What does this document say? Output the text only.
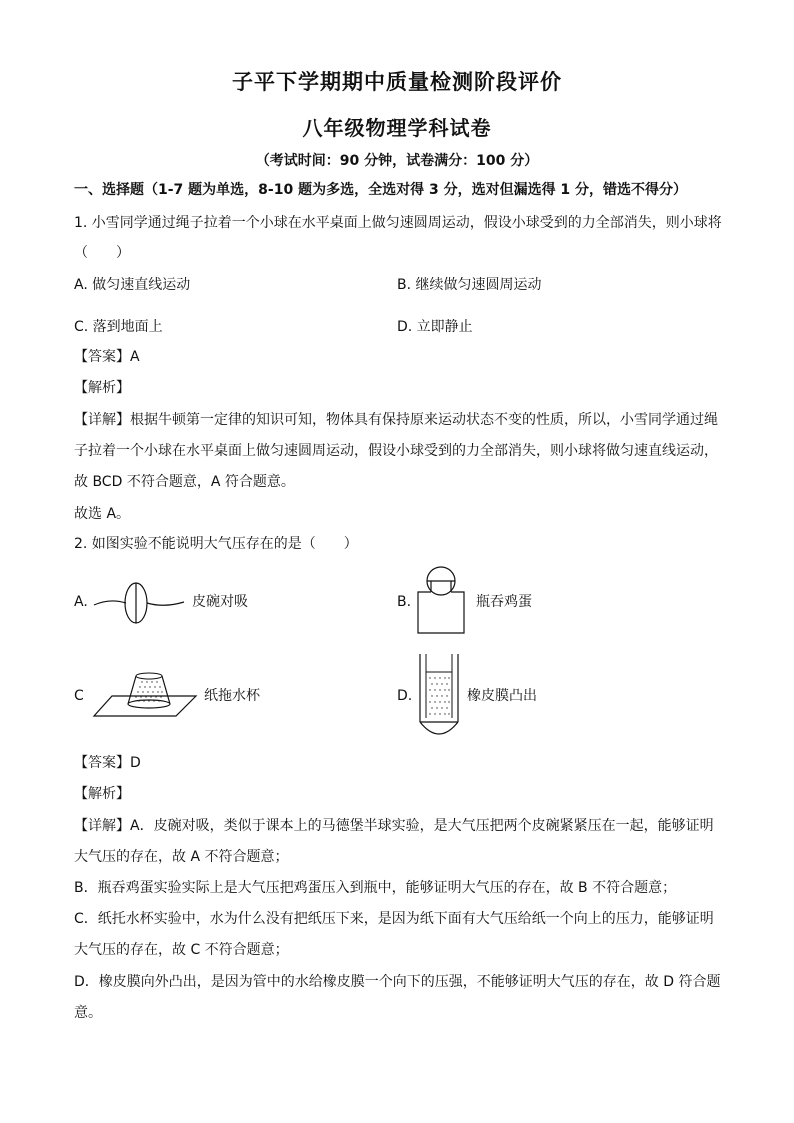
子平下学期期中质量检测阶段评价
八年级物理学科试卷
（考试时间：90 分钟，试卷满分：100 分）
一、选择题（1-7 题为单选，8-10 题为多选，全选对得 3 分，选对但漏选得 1 分，错选不得分）
1. 小雪同学通过绳子拉着一个小球在水平桌面上做匀速圆周运动，假设小球受到的力全部消失，则小球将
（　　）
A. 做匀速直线运动	B. 继续做匀速圆周运动
C. 落到地面上	D. 立即静止
【答案】A
【解析】
【详解】根据牛顿第一定律的知识可知，物体具有保持原来运动状态不变的性质，所以，小雪同学通过绳
子拉着一个小球在水平桌面上做匀速圆周运动，假设小球受到的力全部消失，则小球将做匀速直线运动，
故 BCD 不符合题意，A 符合题意。
故选 A。
2. 如图实验不能说明大气压存在的是（　　）
A.	皮碗对吸	B.	瓶吞鸡蛋
C	纸拖水杯	D.	橡皮膜凸出
【答案】D
【解析】
【详解】A．皮碗对吸，类似于课本上的马德堡半球实验，是大气压把两个皮碗紧紧压在一起，能够证明
大气压的存在，故 A 不符合题意；
B．瓶吞鸡蛋实验实际上是大气压把鸡蛋压入到瓶中，能够证明大气压的存在，故 B 不符合题意；
C．纸托水杯实验中，水为什么没有把纸压下来，是因为纸下面有大气压给纸一个向上的压力，能够证明
大气压的存在，故 C 不符合题意；
D．橡皮膜向外凸出，是因为管中的水给橡皮膜一个向下的压强，不能够证明大气压的存在，故 D 符合题
意。
